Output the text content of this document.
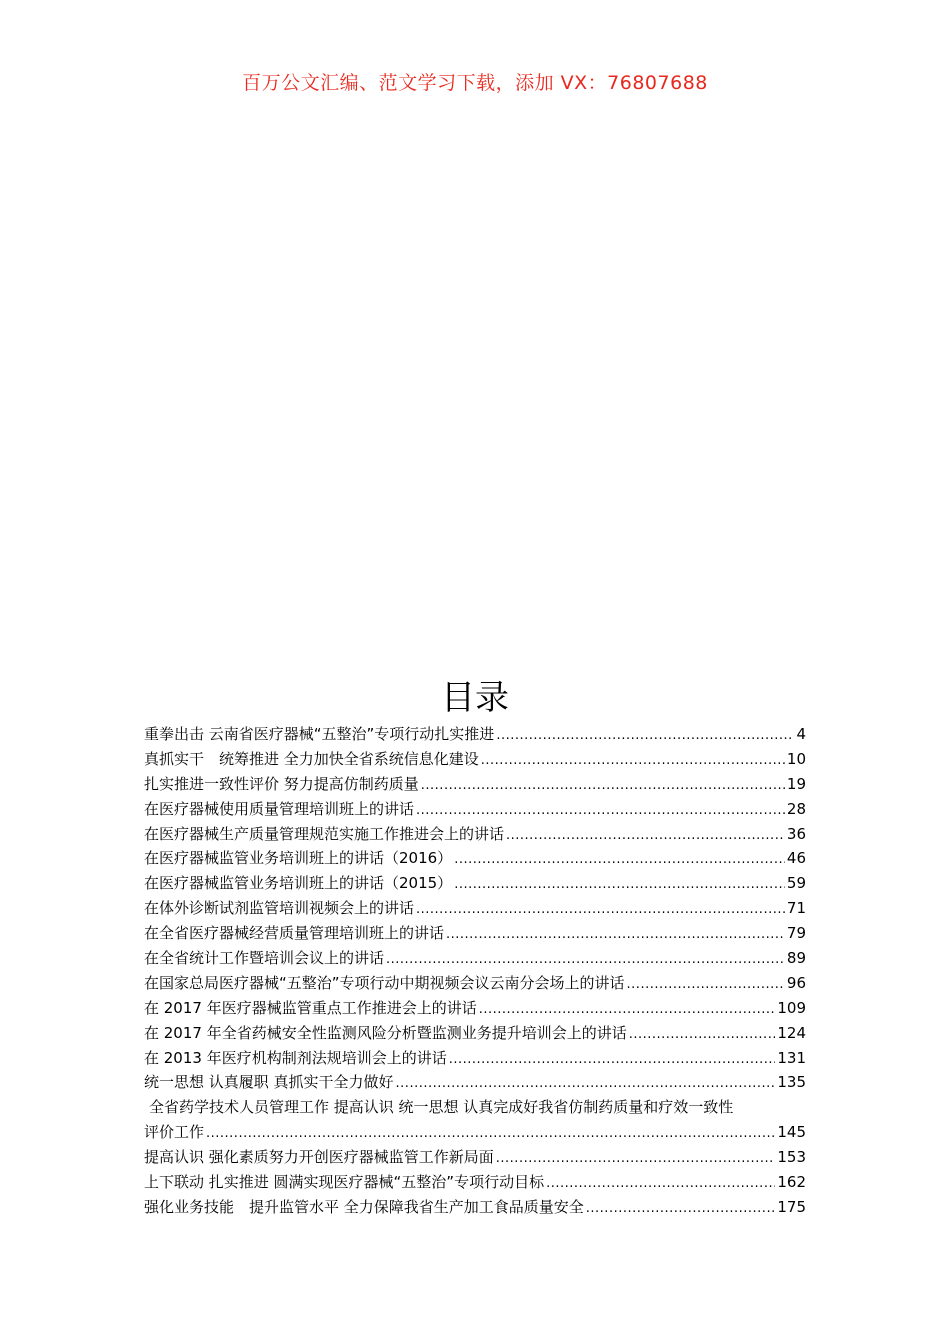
百万公文汇编、范文学习下载，添加 VX：76807688
目录
重拳出击 云南省医疗器械“五整治”专项行动扎实推进 .....	4
真抓实干　统筹推进 全力加快全省系统信息化建设 .....	10
扎实推进一致性评价 努力提高仿制药质量 .....	19
在医疗器械使用质量管理培训班上的讲话 .....	28
在医疗器械生产质量管理规范实施工作推进会上的讲话 .....	36
在医疗器械监管业务培训班上的讲话（2016） .....	46
在医疗器械监管业务培训班上的讲话（2015） .....	59
在体外诊断试剂监管培训视频会上的讲话 .....	71
在全省医疗器械经营质量管理培训班上的讲话 .....	79
在全省统计工作暨培训会议上的讲话 .....	89
在国家总局医疗器械“五整治”专项行动中期视频会议云南分会场上的讲话 .....	96
在 2017 年医疗器械监管重点工作推进会上的讲话 .....	109
在 2017 年全省药械安全性监测风险分析暨监测业务提升培训会上的讲话 .....	124
在 2013 年医疗机构制剂法规培训会上的讲话 .....	131
统一思想 认真履职 真抓实干全力做好 .....	135
全省药学技术人员管理工作 提高认识 统一思想 认真完成好我省仿制药质量和疗效一致性
评价工作 .....	145
提高认识 强化素质努力开创医疗器械监管工作新局面 .....	153
上下联动 扎实推进 圆满实现医疗器械“五整治”专项行动目标 .....	162
强化业务技能　提升监管水平 全力保障我省生产加工食品质量安全 .....	175
